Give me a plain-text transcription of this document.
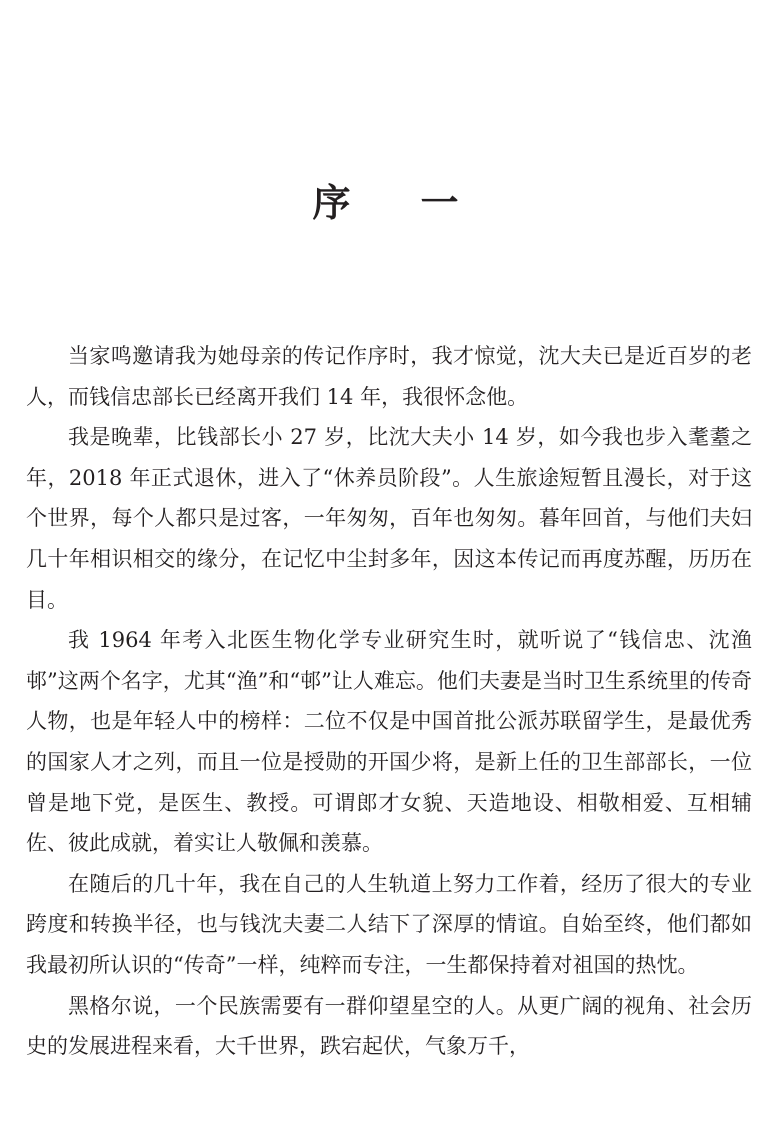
序 一

当家鸣邀请我为她母亲的传记作序时，我才惊觉，沈大夫已是近百岁的老人，而钱信忠部长已经离开我们 14 年，我很怀念他。

我是晚辈，比钱部长小 27 岁，比沈大夫小 14 岁，如今我也步入耄耋之年，2018 年正式退休，进入了“休养员阶段”。人生旅途短暂且漫长，对于这个世界，每个人都只是过客，一年匆匆，百年也匆匆。暮年回首，与他们夫妇几十年相识相交的缘分，在记忆中尘封多年，因这本传记而再度苏醒，历历在目。

我 1964 年考入北医生物化学专业研究生时，就听说了“钱信忠、沈渔邨”这两个名字，尤其“渔”和“邨”让人难忘。他们夫妻是当时卫生系统里的传奇人物，也是年轻人中的榜样：二位不仅是中国首批公派苏联留学生，是最优秀的国家人才之列，而且一位是授勋的开国少将，是新上任的卫生部部长，一位曾是地下党，是医生、教授。可谓郎才女貌、天造地设、相敬相爱、互相辅佐、彼此成就，着实让人敬佩和羡慕。

在随后的几十年，我在自己的人生轨道上努力工作着，经历了很大的专业跨度和转换半径，也与钱沈夫妻二人结下了深厚的情谊。自始至终，他们都如我最初所认识的“传奇”一样，纯粹而专注，一生都保持着对祖国的热忱。

黑格尔说，一个民族需要有一群仰望星空的人。从更广阔的视角、社会历史的发展进程来看，大千世界，跌宕起伏，气象万千，
